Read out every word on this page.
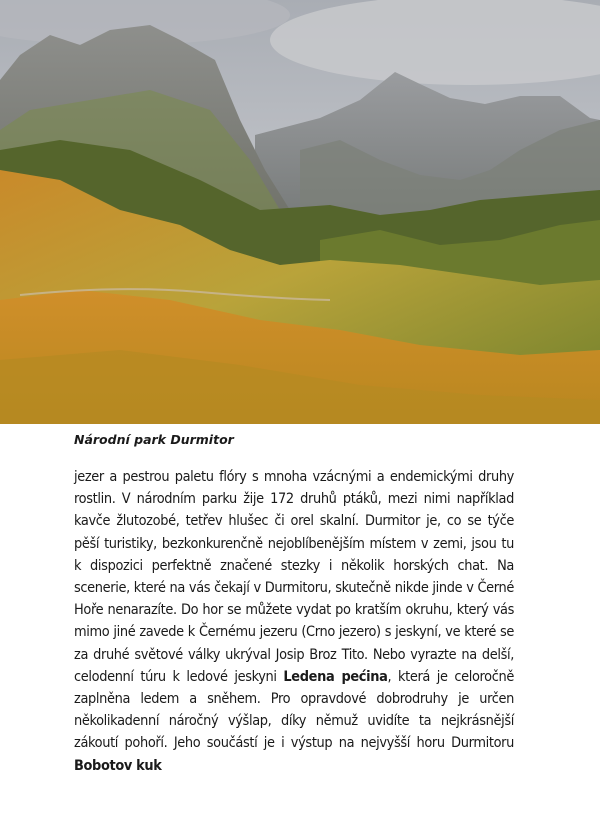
Národní park Durmitor

jezer a pestrou paletu flóry s mnoha vzácnými a endemickými druhy rostlin. V národním parku žije 172 druhů ptáků, mezi nimi například kavče žlutozobé, tetřev hlušec či orel skalní. Durmitor je, co se týče pěší turistiky, bezkonkurenčně nejoblíbenějším místem v zemi, jsou tu k dispozici perfektně značené stezky i několik horských chat. Na scenerie, které na vás čekají v Durmitoru, skutečně nikde jinde v Černé Hoře nenarazíte. Do hor se můžete vydat po kratším okruhu, který vás mimo jiné zavede k Černému jezeru (Crno jezero) s jeskyní, ve které se za druhé světové války ukrýval Josip Broz Tito. Nebo vyrazte na delší, celodenní túru k ledové jeskyni Ledena pećina, která je celoročně zaplněna ledem a sněhem. Pro opravdové dobrodruhy je určen několikadenní náročný výšlap, díky němuž uvidíte ta nejkrásnější zákoutí pohoří. Jeho součástí je i výstup na nejvyšší horu Durmitoru Bobotov kuk
